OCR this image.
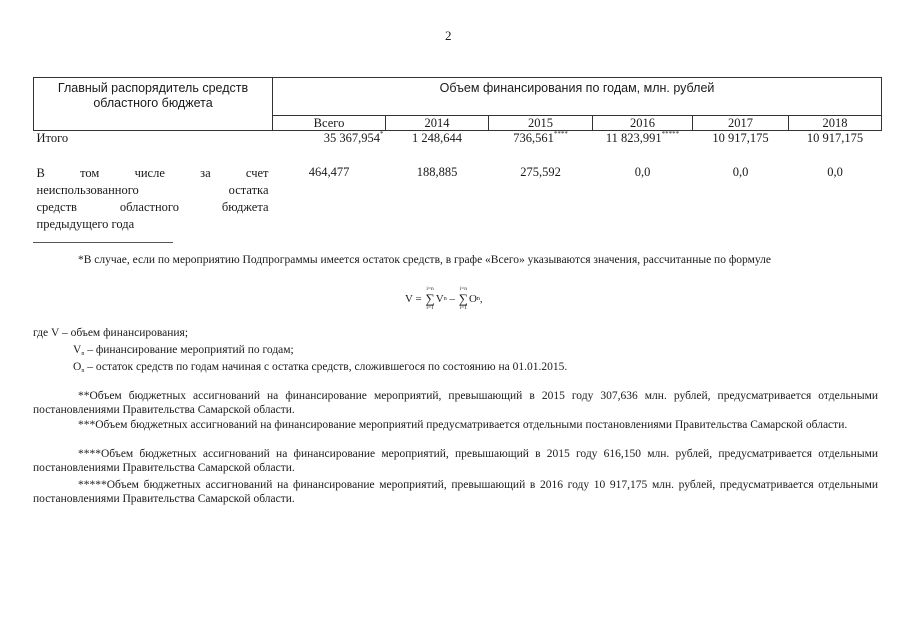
2
Главный распорядитель средств областного бюджета	Объем финансирования по годам, млн. рублей					
	Всего	2014	2015	2016	2017	2018
Итого	35 367,954*	1 248,644	736,561****	11 823,991*****	10 917,175	10 917,175

В том числе за счет
неиспользованного остатка
средств областного бюджета
предыдущего года	464,477	188,885	275,592	0,0	0,0	0,0
*В случае, если по мероприятию Подпрограммы имеется остаток средств, в графе «Всего» указываются значения, рассчитанные по формуле
V =

i=n
∑
i=1
V n
–

i=n
∑
i=1
O n ,
где V – объем финансирования;
$V_n$ – финансирование мероприятий по годам;
$O_n$ – остаток средств по годам начиная с остатка средств, сложившегося по состоянию на 01.01.2015.
**Объем бюджетных ассигнований на финансирование мероприятий, превышающий в 2015 году 307,636 млн. рублей, предусматривается отдельными постановлениями Правительства Самарской области.
***Объем бюджетных ассигнований на финансирование мероприятий предусматривается отдельными постановлениями Правительства Самарской области.
****Объем бюджетных ассигнований на финансирование мероприятий, превышающий в 2015 году 616,150 млн. рублей, предусматривается отдельными постановлениями Правительства Самарской области.
*****Объем бюджетных ассигнований на финансирование мероприятий, превышающий в 2016 году 10 917,175 млн. рублей, предусматривается отдельными постановлениями Правительства Самарской области.
